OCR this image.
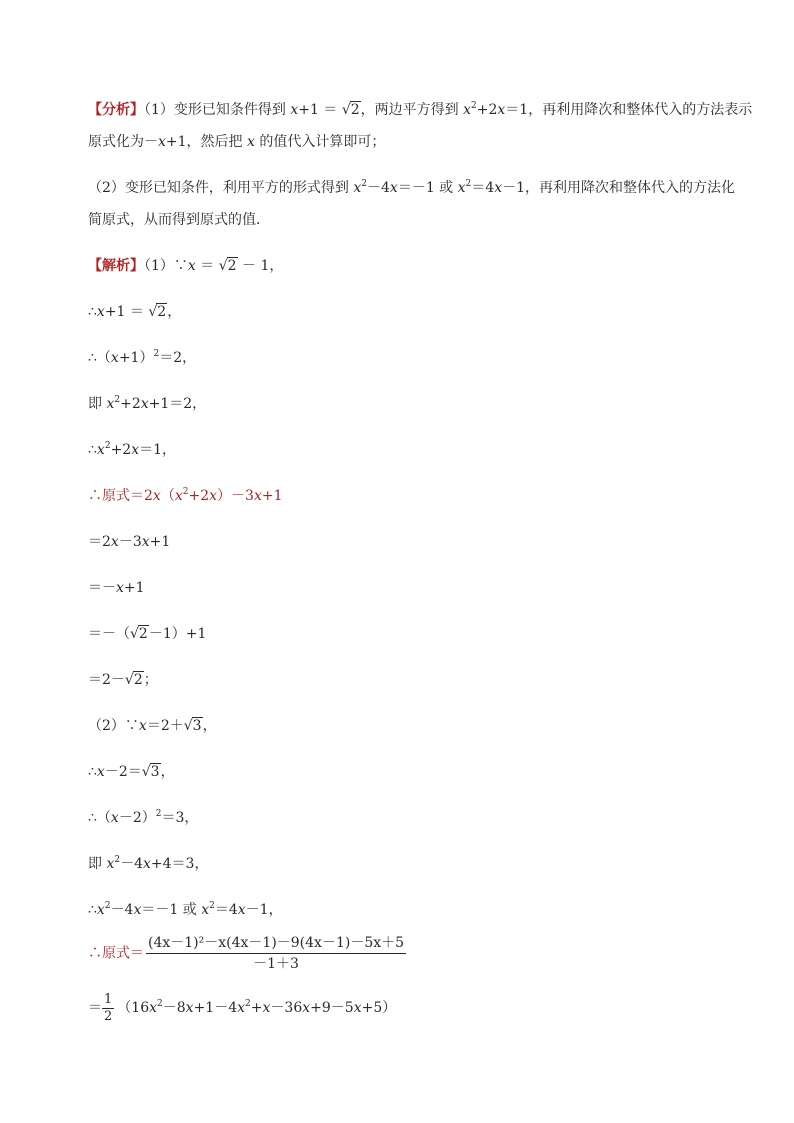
【分析】（1）变形已知条件得到 x+1 ＝ √2，两边平方得到 $x^2+2x=1$，再利用降次和整体代入的方法表示
原式化为－x+1，然后把 x 的值代入计算即可；
（2）变形已知条件，利用平方的形式得到 $x^2-4x=-1$ 或 $x^2=4x-1$，再利用降次和整体代入的方法化
简原式，从而得到原式的值．
【解析】（1）∵x ＝ √2 － 1，
∴x+1 ＝ √2，
$\therefore(x+1)^2=2$，
即 $x^2+2x+1=2$，
$\therefore x^2+2x=1$，
∴原式$=2x(x^2+2x)-3x+1$
＝2x－3x+1
＝－x+1
＝－（√2－1）+1
＝2－√2；
（2）∵x＝2＋√3，
∴x－2＝√3，
$\therefore(x-2)^2=3$，
即 $x^2-4x+4=3$，
$\therefore x^2-4x=-1$ 或 $x^2=4x-1$，
∴原式＝ $\frac{\text{(4x－1)²－x(4x－1)－9(4x－1)－5x＋5}}{-1+3}$
＝ $\frac{1}{2} (16x^2-8x+1-4x^2+x-36x+9-5x+5)$
